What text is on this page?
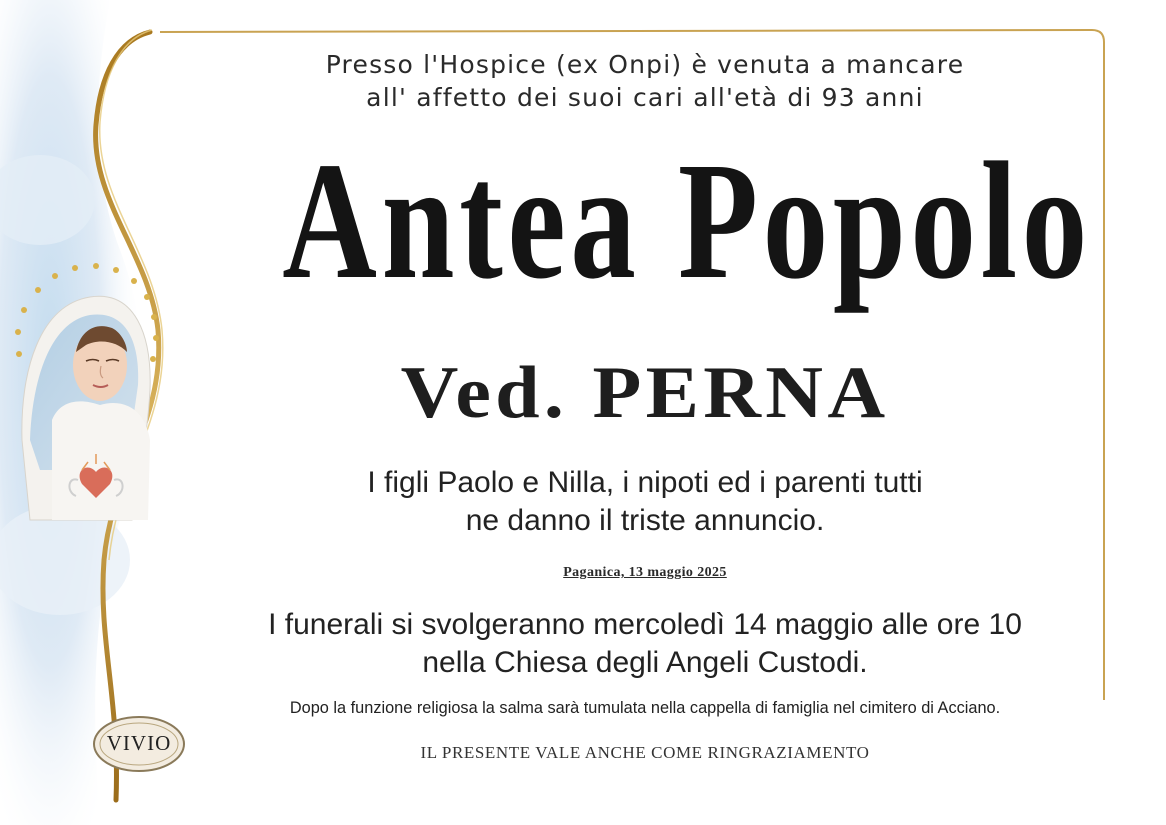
VIVIO
Presso l'Hospice (ex Onpi) è venuta a mancare
all' affetto dei suoi cari all'età di 93 anni
Antea Popolo
Ved. PERNA
I figli Paolo e Nilla, i nipoti ed i parenti tutti
ne danno il triste annuncio.
Paganica, 13 maggio 2025
I funerali si svolgeranno mercoledì 14 maggio alle ore 10
nella Chiesa degli Angeli Custodi.
Dopo la funzione religiosa la salma sarà tumulata nella cappella di famiglia nel cimitero di Acciano.
IL PRESENTE VALE ANCHE COME RINGRAZIAMENTO
